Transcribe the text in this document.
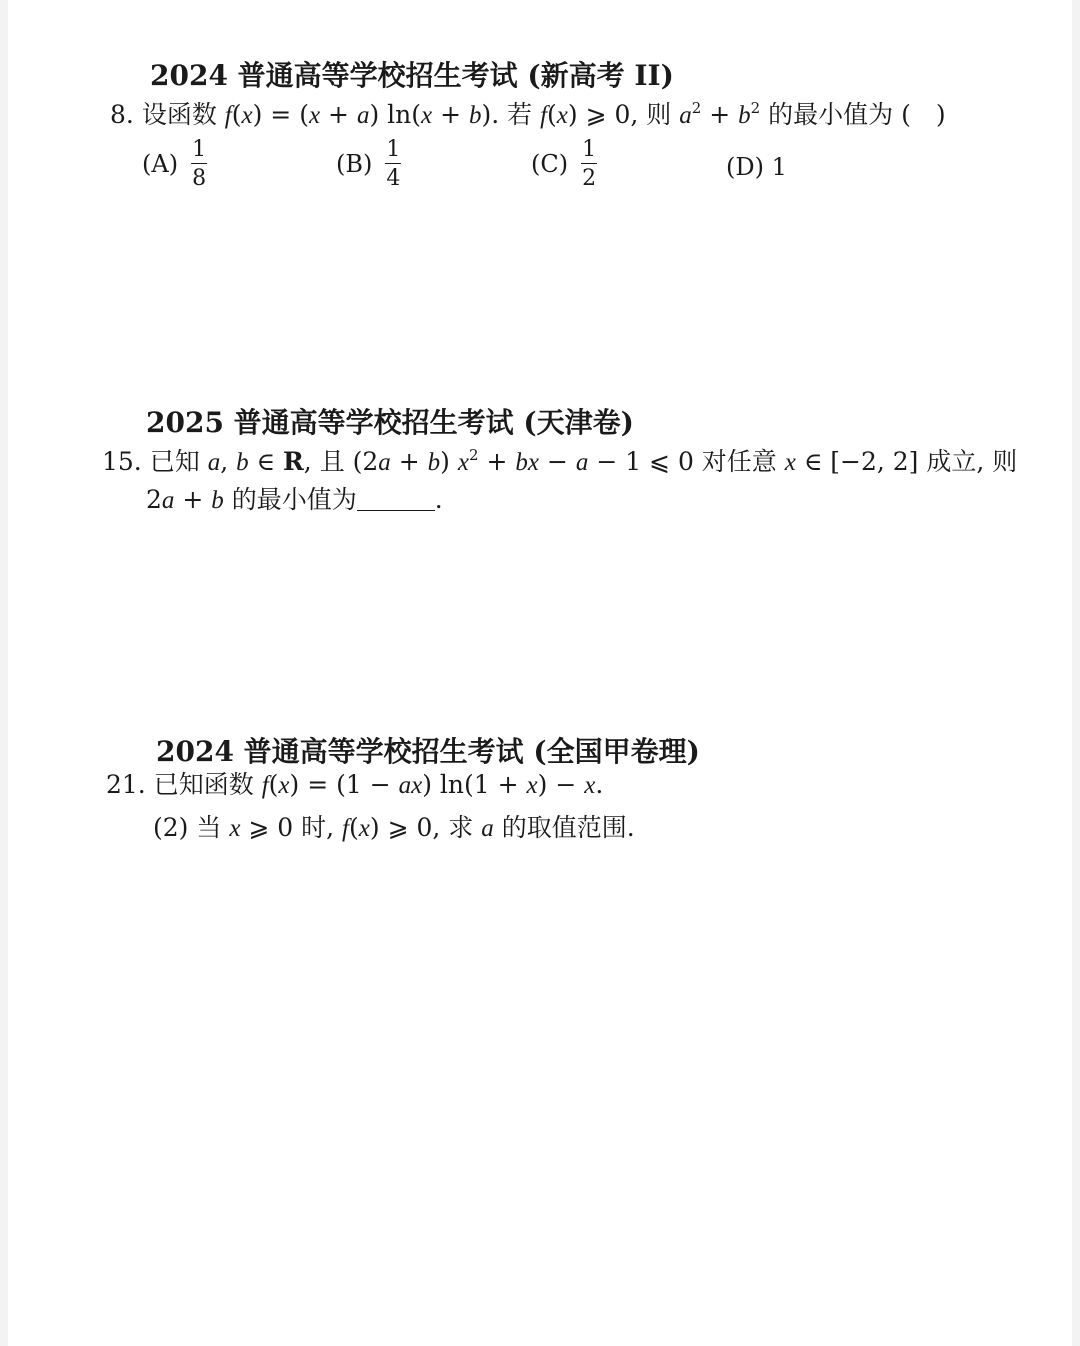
2024 普通高等学校招生考试 (新高考 II)
8. 设函数 f(x) = (x + a) ln(x + b). 若 f(x) ⩾ 0, 则 $a^2 + b^2$ 的最小值为 (　)
$(A) \frac{1}{8}$	$(B) \frac{1}{4}$	$(C) \frac{1}{2}$	(D)
1
2025 普通高等学校招生考试 (天津卷)
15. 已知 a, b ∈ R, 且 (2a + b) $x^2$ + bx − a − 1 ⩽ 0 对任意 x ∈ [−2, 2] 成立, 则
2a + b 的最小值为	.
2024 普通高等学校招生考试 (全国甲卷理)
21. 已知函数 f(x) = (1 − ax) ln(1 + x) − x.
(2) 当 x ⩾ 0 时, f(x) ⩾ 0, 求 a 的取值范围.
